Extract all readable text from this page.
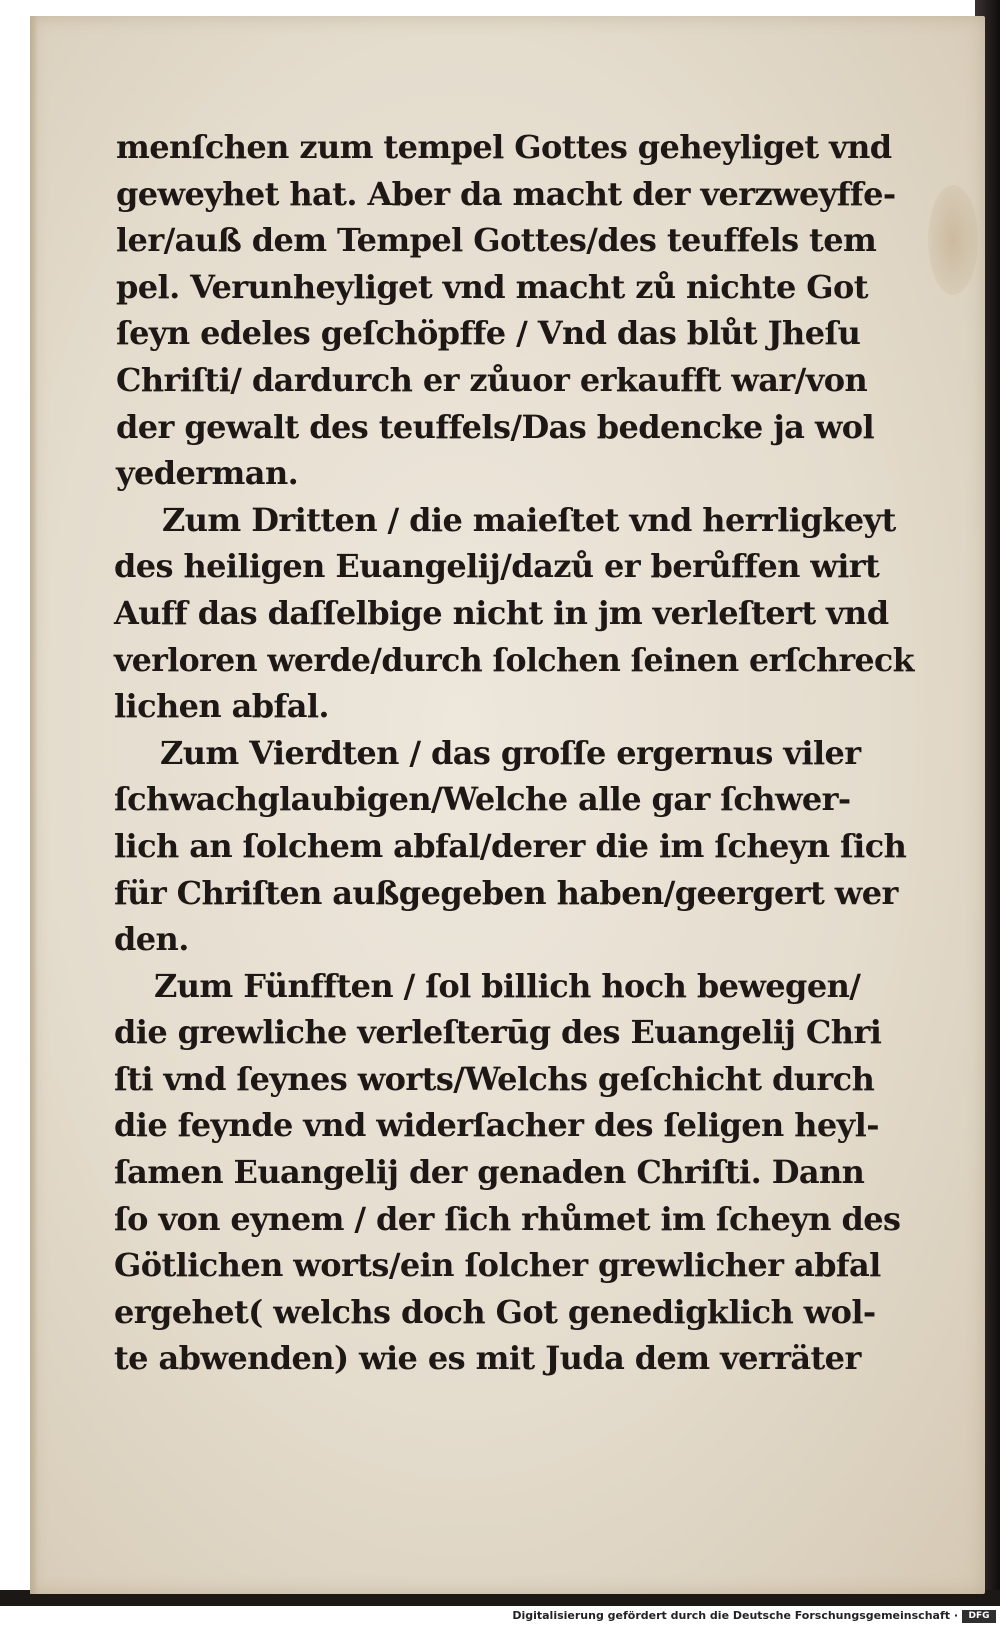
menſchen zum tempel Gottes geheyliget vnd
geweyhet hat. Aber da macht der verzweyffe-
ler/auß dem Tempel Gottes/des teuffels tem
pel. Verunheyliget vnd macht zů nichte Got
ſeyn edeles geſchöpffe / Vnd das blůt Jheſu
Chriſti/ dardurch er zůuor erkaufft war/von
der gewalt des teuffels/Das bedencke ja wol
yederman.
Zum Dritten / die maieſtet vnd herrligkeyt
des heiligen Euangelij/dazů er berůffen wirt
Auff das daſſelbige nicht in jm verleſtert vnd
verloren werde/durch ſolchen ſeinen erſchreck
lichen abfal.
Zum Vierdten / das groſſe ergernus viler
ſchwachglaubigen/Welche alle gar ſchwer-
lich an ſolchem abfal/derer die im ſcheyn ſich
für Chriſten außgegeben haben/geergert wer
den.
Zum Fünfften / ſol billich hoch bewegen/
die grewliche verleſterūg des Euangelij Chri
ſti vnd ſeynes worts/Welchs geſchicht durch
die feynde vnd widerſacher des ſeligen heyl-
ſamen Euangelij der genaden Chriſti. Dann
ſo von eynem / der ſich rhůmet im ſcheyn des
Götlichen worts/ein ſolcher grewlicher abfal
ergehet( welchs doch Got genedigklich wol-
te abwenden) wie es mit Juda dem verräter
Digitalisierung gefördert durch die Deutsche Forschungsgemeinschaft ·	DFG
